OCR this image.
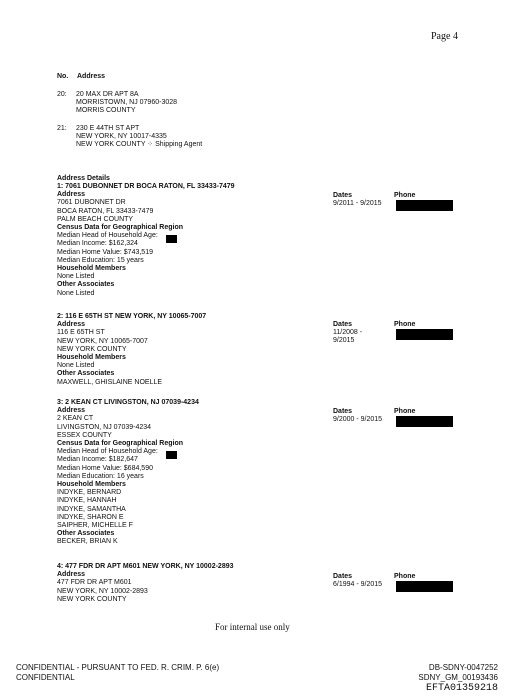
Page 4
No. Address
20: 20 MAX DR APT 8A
MORRISTOWN, NJ 07960-3028
MORRIS COUNTY
21: 230 E 44TH ST APT
NEW YORK, NY 10017-4335
NEW YORK COUNTY ⁘ Shipping Agent
Address Details
1: 7061 DUBONNET DR BOCA RATON, FL 33433-7479
Address
7061 DUBONNET DR
BOCA RATON, FL 33433-7479
PALM BEACH COUNTY
Census Data for Geographical Region
Median Head of Household Age:
Median Income: $162,324
Median Home Value: $743,519
Median Education: 15 years
Household Members
None Listed
Other Associates
None Listed
Dates
9/2011 - 9/2015
Phone
2: 116 E 65TH ST NEW YORK, NY 10065-7007
Address
116 E 65TH ST
NEW YORK, NY 10065-7007
NEW YORK COUNTY
Household Members
None Listed
Other Associates
MAXWELL, GHISLAINE NOELLE
Dates
11/2008 -
9/2015
Phone
3: 2 KEAN CT LIVINGSTON, NJ 07039-4234
Address
2 KEAN CT
LIVINGSTON, NJ 07039-4234
ESSEX COUNTY
Census Data for Geographical Region
Median Head of Household Age:
Median Income: $182,647
Median Home Value: $684,590
Median Education: 16 years
Household Members
INDYKE, BERNARD
INDYKE, HANNAH
INDYKE, SAMANTHA
INDYKE, SHARON E
SAIPHER, MICHELLE F
Other Associates
BECKER, BRIAN K
Dates
9/2000 - 9/2015
Phone
4: 477 FDR DR APT M601 NEW YORK, NY 10002-2893
Address
477 FDR DR APT M601
NEW YORK, NY 10002-2893
NEW YORK COUNTY
Dates
6/1994 - 9/2015
Phone
For internal use only
CONFIDENTIAL - PURSUANT TO FED. R. CRIM. P. 6(e)
CONFIDENTIAL
DB-SDNY-0047252
SDNY_GM_00193436
EFTA01359218
